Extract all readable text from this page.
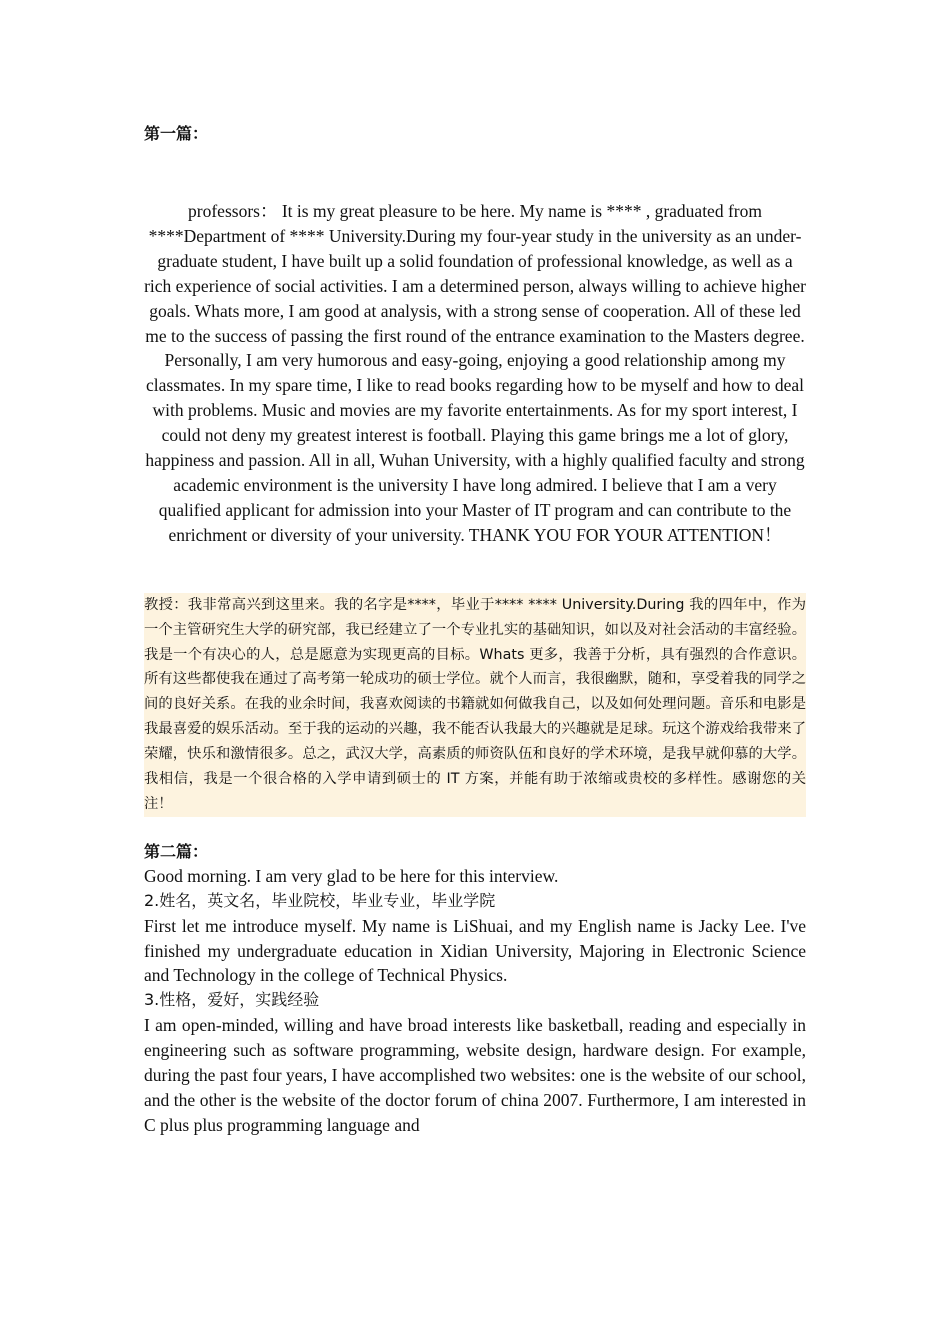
第一篇：

professors： It is my great pleasure to be here. My name is **** , graduated from ****Department of **** University.During my four-year study in the university as an under-graduate student, I have built up a solid foundation of professional knowledge, as well as a rich experience of social activities. I am a determined person, always willing to achieve higher goals. Whats more, I am good at analysis, with a strong sense of cooperation. All of these led me to the success of passing the first round of the entrance examination to the Masters degree. Personally, I am very humorous and easy-going, enjoying a good relationship among my classmates. In my spare time, I like to read books regarding how to be myself and how to deal with problems. Music and movies are my favorite entertainments. As for my sport interest, I could not deny my greatest interest is football. Playing this game brings me a lot of glory, happiness and passion. All in all, Wuhan University, with a highly qualified faculty and strong academic environment is the university I have long admired. I believe that I am a very qualified applicant for admission into your Master of IT program and can contribute to the enrichment or diversity of your university. THANK YOU FOR YOUR ATTENTION！

教授：我非常高兴到这里来。我的名字是****，毕业于**** **** University.During 我的四年中，作为一个主管研究生大学的研究部，我已经建立了一个专业扎实的基础知识，如以及对社会活动的丰富经验。我是一个有决心的人，总是愿意为实现更高的目标。Whats 更多，我善于分析，具有强烈的合作意识。所有这些都使我在通过了高考第一轮成功的硕士学位。就个人而言，我很幽默，随和，享受着我的同学之间的良好关系。在我的业余时间，我喜欢阅读的书籍就如何做我自己，以及如何处理问题。音乐和电影是我最喜爱的娱乐活动。至于我的运动的兴趣，我不能否认我最大的兴趣就是足球。玩这个游戏给我带来了荣耀，快乐和激情很多。总之，武汉大学，高素质的师资队伍和良好的学术环境，是我早就仰慕的大学。我相信，我是一个很合格的入学申请到硕士的 IT 方案，并能有助于浓缩或贵校的多样性。感谢您的关注！

第二篇：

Good morning. I am very glad to be here for this interview.

2.姓名，英文名，毕业院校，毕业专业，毕业学院

First let me introduce myself. My name is LiShuai, and my English name is Jacky Lee. I've finished my undergraduate education in Xidian University, Majoring in Electronic Science and Technology in the college of Technical Physics.

3.性格，爱好，实践经验

I am open-minded, willing and have broad interests like basketball, reading and especially in engineering such as software programming, website design, hardware design. For example, during the past four years, I have accomplished two websites: one is the website of our school, and the other is the website of the doctor forum of china 2007. Furthermore, I am interested in C plus plus programming language and
